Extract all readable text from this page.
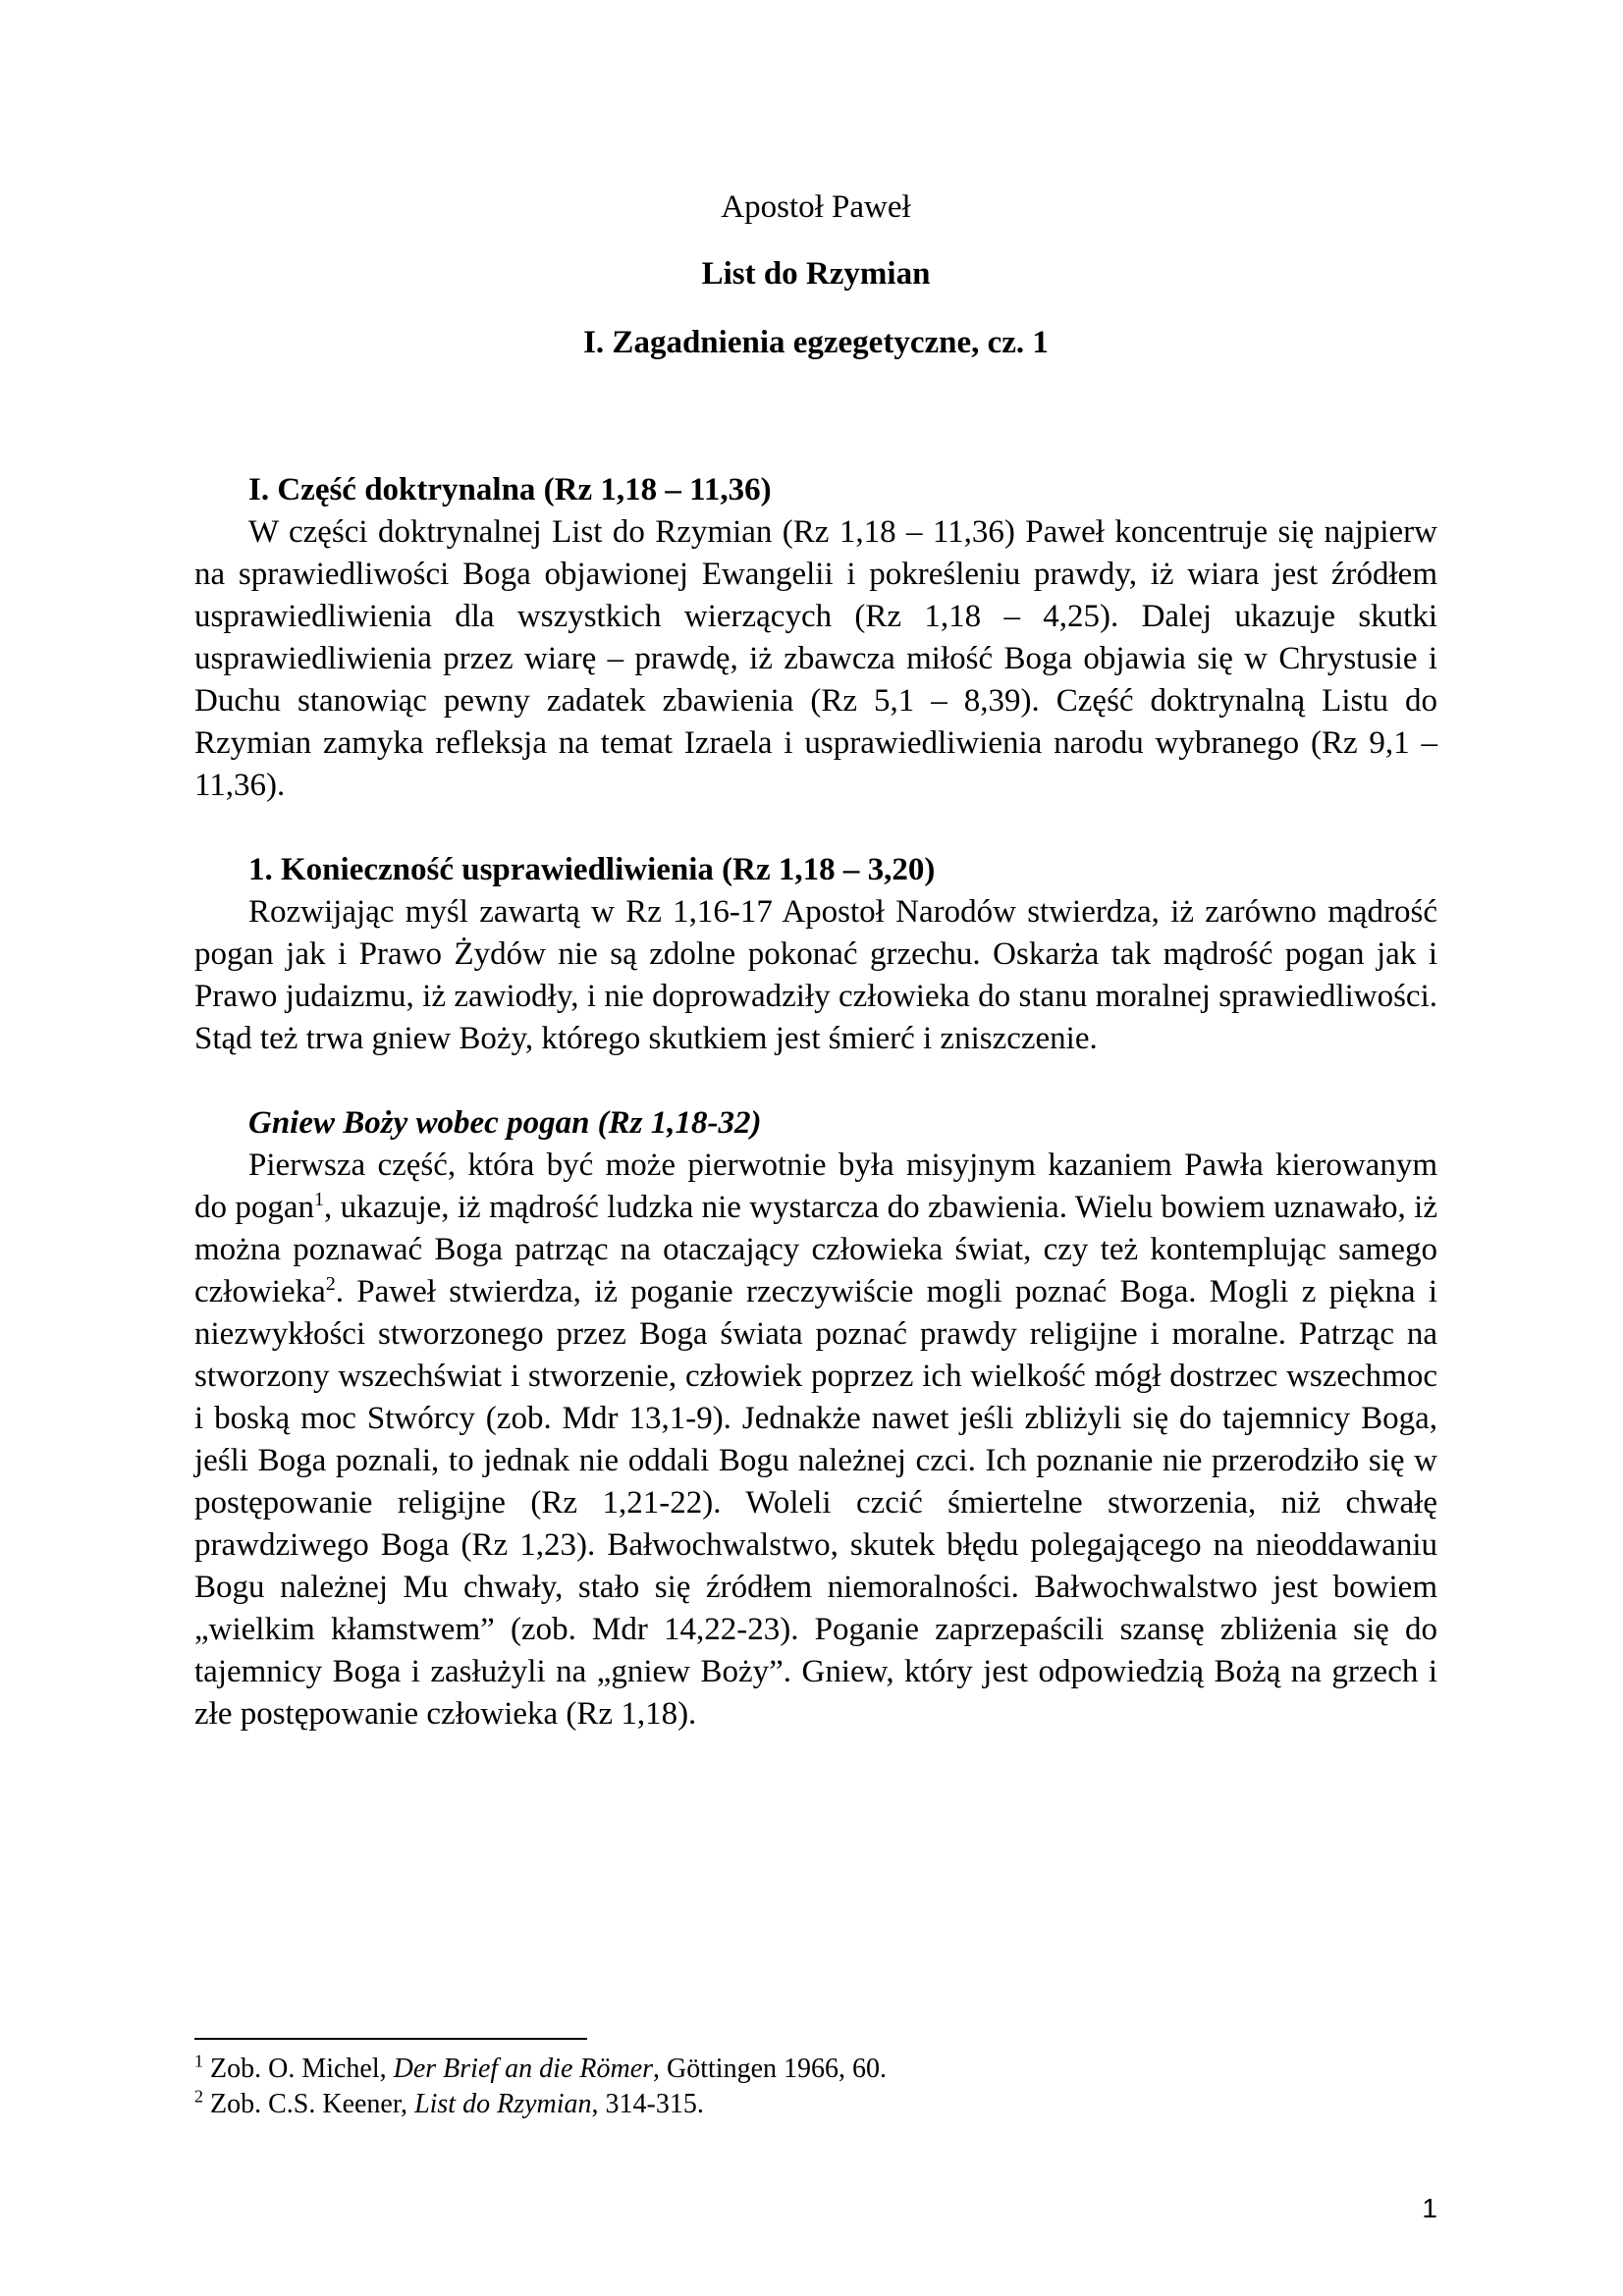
Apostoł Paweł

List do Rzymian

I. Zagadnienia egzegetyczne, cz. 1

I. Część doktrynalna (Rz 1,18 – 11,36)

W części doktrynalnej List do Rzymian (Rz 1,18 – 11,36) Paweł koncentruje się najpierw na sprawiedliwości Boga objawionej Ewangelii i pokreśleniu prawdy, iż wiara jest źródłem usprawiedliwienia dla wszystkich wierzących (Rz 1,18 – 4,25). Dalej ukazuje skutki usprawiedliwienia przez wiarę – prawdę, iż zbawcza miłość Boga objawia się w Chrystusie i Duchu stanowiąc pewny zadatek zbawienia (Rz 5,1 – 8,39). Część doktrynalną Listu do Rzymian zamyka refleksja na temat Izraela i usprawiedliwienia narodu wybranego (Rz 9,1 – 11,36).

1. Konieczność usprawiedliwienia (Rz 1,18 – 3,20)

Rozwijając myśl zawartą w Rz 1,16-17 Apostoł Narodów stwierdza, iż zarówno mądrość pogan jak i Prawo Żydów nie są zdolne pokonać grzechu. Oskarża tak mądrość pogan jak i Prawo judaizmu, iż zawiodły, i nie doprowadziły człowieka do stanu moralnej sprawiedliwości. Stąd też trwa gniew Boży, którego skutkiem jest śmierć i zniszczenie.

Gniew Boży wobec pogan (Rz 1,18-32)

Pierwsza część, która być może pierwotnie była misyjnym kazaniem Pawła kierowanym do pogan$^1$, ukazuje, iż mądrość ludzka nie wystarcza do zbawienia. Wielu bowiem uznawało, iż można poznawać Boga patrząc na otaczający człowieka świat, czy też kontemplując samego człowieka$^2$. Paweł stwierdza, iż poganie rzeczywiście mogli poznać Boga. Mogli z piękna i niezwykłości stworzonego przez Boga świata poznać prawdy religijne i moralne. Patrząc na stworzony wszechświat i stworzenie, człowiek poprzez ich wielkość mógł dostrzec wszechmoc i boską moc Stwórcy (zob. Mdr 13,1-9). Jednakże nawet jeśli zbliżyli się do tajemnicy Boga, jeśli Boga poznali, to jednak nie oddali Bogu należnej czci. Ich poznanie nie przerodziło się w postępowanie religijne (Rz 1,21-22). Woleli czcić śmiertelne stworzenia, niż chwałę prawdziwego Boga (Rz 1,23). Bałwochwalstwo, skutek błędu polegającego na nieoddawaniu Bogu należnej Mu chwały, stało się źródłem niemoralności. Bałwochwalstwo jest bowiem „wielkim kłamstwem” (zob. Mdr 14,22-23). Poganie zaprzepaścili szansę zbliżenia się do tajemnicy Boga i zasłużyli na „gniew Boży”. Gniew, który jest odpowiedzią Bożą na grzech i złe postępowanie człowieka (Rz 1,18).

$^1$ Zob. O. Michel, Der Brief an die Römer, Göttingen 1966, 60.

$^2$ Zob. C.S. Keener, List do Rzymian, 314-315.

1
